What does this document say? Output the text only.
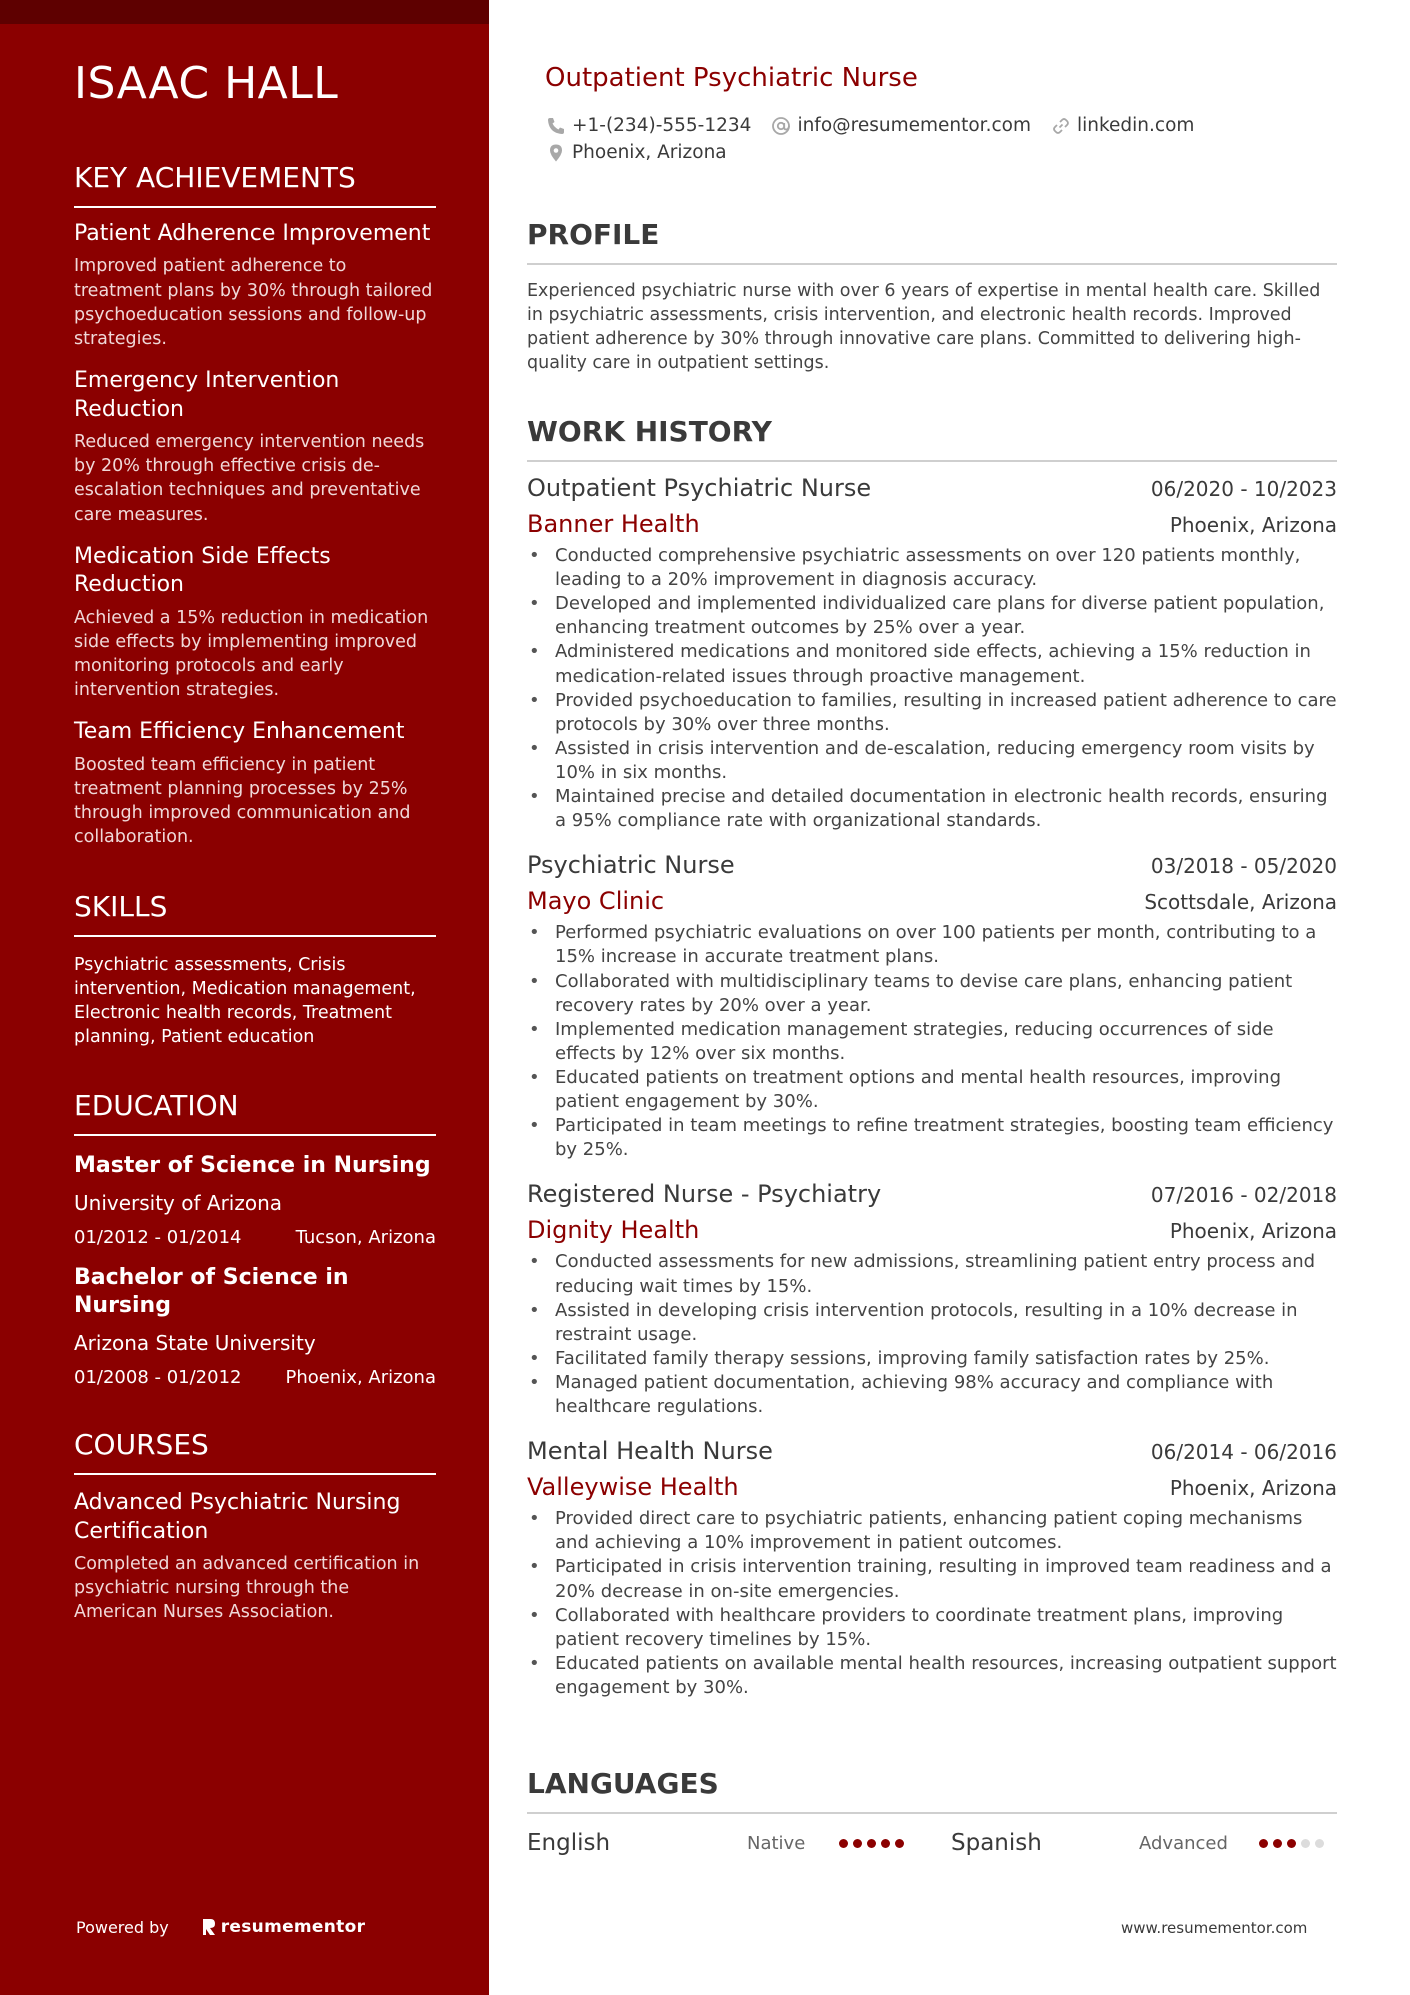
ISAAC HALL
KEY ACHIEVEMENTS
Patient Adherence Improvement
Improved patient adherence to treatment plans by 30% through tailored psychoeducation sessions and follow-up strategies.
Emergency Intervention Reduction
Reduced emergency intervention needs by 20% through effective crisis de-escalation techniques and preventative care measures.
Medication Side Effects Reduction
Achieved a 15% reduction in medication side effects by implementing improved monitoring protocols and early intervention strategies.
Team Efficiency Enhancement
Boosted team efficiency in patient treatment planning processes by 25% through improved communication and collaboration.
SKILLS
Psychiatric assessments, Crisis intervention, Medication management, Electronic health records, Treatment planning, Patient education
EDUCATION
Master of Science in Nursing
University of Arizona
01/2012 - 01/2014	Tucson, Arizona
Bachelor of Science in Nursing
Arizona State University
01/2008 - 01/2012 Phoenix, Arizona
COURSES
Advanced Psychiatric Nursing Certification
Completed an advanced certification in psychiatric nursing through the American Nurses Association.
Powered by	resumementor
Outpatient Psychiatric Nurse
+1-(234)-555-1234 info@resumementor.com linkedin.com
Phoenix, Arizona
PROFILE

Experienced psychiatric nurse with over 6 years of expertise in mental health care. Skilled in psychiatric assessments, crisis intervention, and electronic health records. Improved patient adherence by 30% through innovative care plans. Committed to delivering high-quality care in outpatient settings.

WORK HISTORY
Outpatient Psychiatric Nurse	06/2020 - 10/2023
Banner Health	Phoenix, Arizona
• Conducted comprehensive psychiatric assessments on over 120 patients monthly, leading to a 20% improvement in diagnosis accuracy.
• Developed and implemented individualized care plans for diverse patient population, enhancing treatment outcomes by 25% over a year.
• Administered medications and monitored side effects, achieving a 15% reduction in medication-related issues through proactive management.
• Provided psychoeducation to families, resulting in increased patient adherence to care protocols by 30% over three months.
• Assisted in crisis intervention and de-escalation, reducing emergency room visits by 10% in six months.
• Maintained precise and detailed documentation in electronic health records, ensuring a 95% compliance rate with organizational standards.
Psychiatric Nurse	03/2018 - 05/2020
Mayo Clinic	Scottsdale, Arizona
• Performed psychiatric evaluations on over 100 patients per month, contributing to a 15% increase in accurate treatment plans.
• Collaborated with multidisciplinary teams to devise care plans, enhancing patient recovery rates by 20% over a year.
• Implemented medication management strategies, reducing occurrences of side effects by 12% over six months.
• Educated patients on treatment options and mental health resources, improving patient engagement by 30%.
• Participated in team meetings to refine treatment strategies, boosting team efficiency by 25%.
Registered Nurse - Psychiatry	07/2016 - 02/2018
Dignity Health	Phoenix, Arizona
• Conducted assessments for new admissions, streamlining patient entry process and reducing wait times by 15%.
• Assisted in developing crisis intervention protocols, resulting in a 10% decrease in restraint usage.
• Facilitated family therapy sessions, improving family satisfaction rates by 25%.
• Managed patient documentation, achieving 98% accuracy and compliance with healthcare regulations.
Mental Health Nurse	06/2014 - 06/2016
Valleywise Health	Phoenix, Arizona
• Provided direct care to psychiatric patients, enhancing patient coping mechanisms and achieving a 10% improvement in patient outcomes.
• Participated in crisis intervention training, resulting in improved team readiness and a 20% decrease in on-site emergencies.
• Collaborated with healthcare providers to coordinate treatment plans, improving patient recovery timelines by 15%.
• Educated patients on available mental health resources, increasing outpatient support engagement by 30%.
LANGUAGES
English	Native	Spanish	Advanced
www.resumementor.com
